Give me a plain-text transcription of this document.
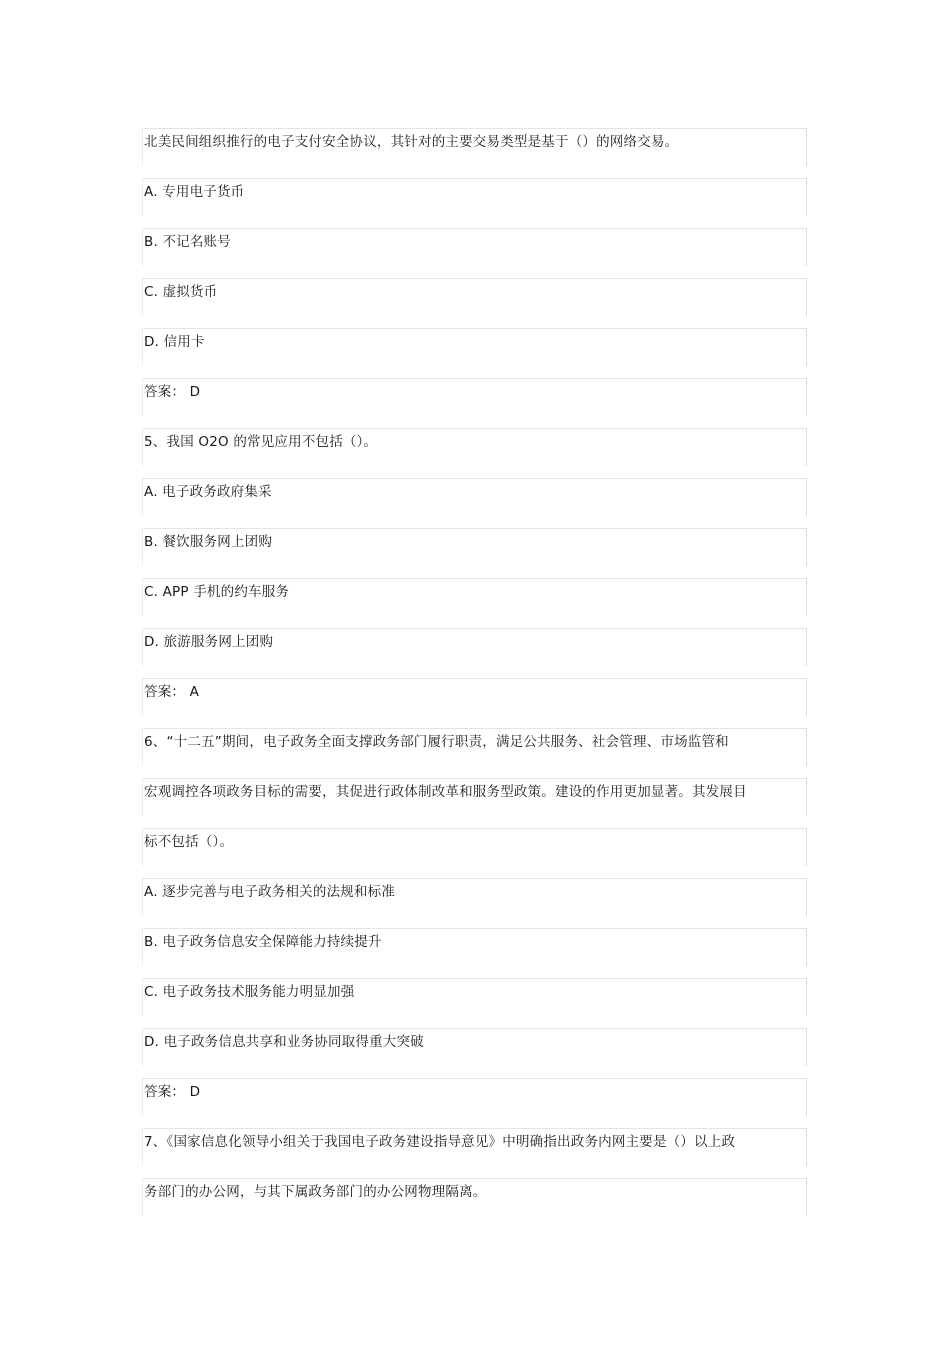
北美民间组织推行的电子支付安全协议，其针对的主要交易类型是基于（）的网络交易。
A. 专用电子货币
B. 不记名账号
C. 虚拟货币
D. 信用卡
答案： D
5、我国 O2O 的常见应用不包括（）。
A. 电子政务政府集采
B. 餐饮服务网上团购
C. APP 手机的约车服务
D. 旅游服务网上团购
答案： A
6、“十二五”期间，电子政务全面支撑政务部门履行职责，满足公共服务、社会管理、市场监管和
宏观调控各项政务目标的需要，其促进行政体制改革和服务型政策。建设的作用更加显著。其发展目
标不包括（）。
A. 逐步完善与电子政务相关的法规和标准
B. 电子政务信息安全保障能力持续提升
C. 电子政务技术服务能力明显加强
D. 电子政务信息共享和业务协同取得重大突破
答案： D
7、《国家信息化领导小组关于我国电子政务建设指导意见》中明确指出政务内网主要是（）以上政
务部门的办公网，与其下属政务部门的办公网物理隔离。
